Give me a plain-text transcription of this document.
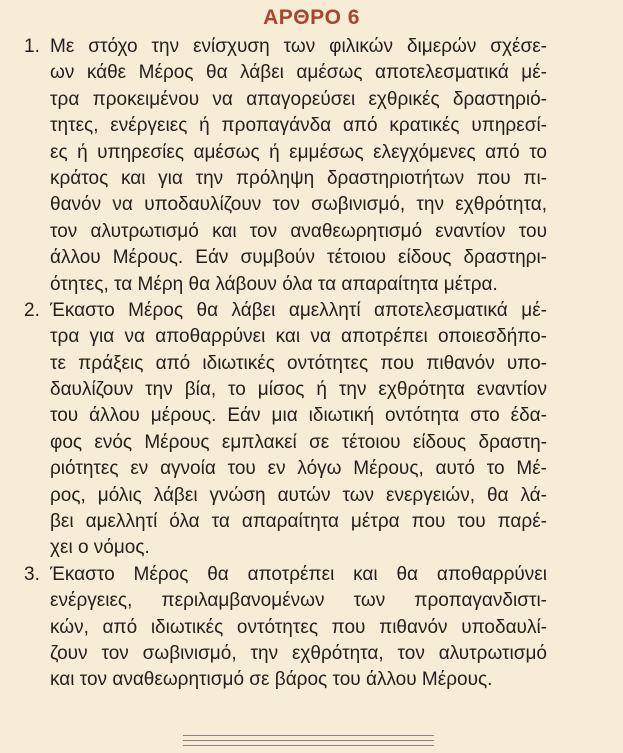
ΑΡΘΡΟ 6
1. Με στόχο την ενίσχυση των φιλικών διμερών σχέσε-
ων κάθε Μέρος θα λάβει αμέσως αποτελεσματικά μέ-
τρα προκειμένου να απαγορεύσει εχθρικές δραστηριό-
τητες, ενέργειες ή προπαγάνδα από κρατικές υπηρεσί-
ες ή υπηρεσίες αμέσως ή εμμέσως ελεγχόμενες από το
κράτος και για την πρόληψη δραστηριοτήτων που πι-
θανόν να υποδαυλίζουν τον σωβινισμό, την εχθρότητα,
τον αλυτρωτισμό και τον αναθεωρητισμό εναντίον του
άλλου Μέρους. Εάν συμβούν τέτοιου είδους δραστηρι-
ότητες, τα Μέρη θα λάβουν όλα τα απαραίτητα μέτρα.
2. Έκαστο Μέρος θα λάβει αμελλητί αποτελεσματικά μέ-
τρα για να αποθαρρύνει και να αποτρέπει οποιεσδήπο-
τε πράξεις από ιδιωτικές οντότητες που πιθανόν υπο-
δαυλίζουν την βία, το μίσος ή την εχθρότητα εναντίον
του άλλου μέρους. Εάν μια ιδιωτική οντότητα στο έδα-
φος ενός Μέρους εμπλακεί σε τέτοιου είδους δραστη-
ριότητες εν αγνοία του εν λόγω Μέρους, αυτό το Μέ-
ρος, μόλις λάβει γνώση αυτών των ενεργειών, θα λά-
βει αμελλητί όλα τα απαραίτητα μέτρα που του παρέ-
χει ο νόμος.
3. Έκαστο Μέρος θα αποτρέπει και θα αποθαρρύνει
ενέργειες, περιλαμβανομένων των προπαγανδιστι-
κών, από ιδιωτικές οντότητες που πιθανόν υποδαυλί-
ζουν τον σωβινισμό, την εχθρότητα, τον αλυτρωτισμό
και τον αναθεωρητισμό σε βάρος του άλλου Μέρους.
